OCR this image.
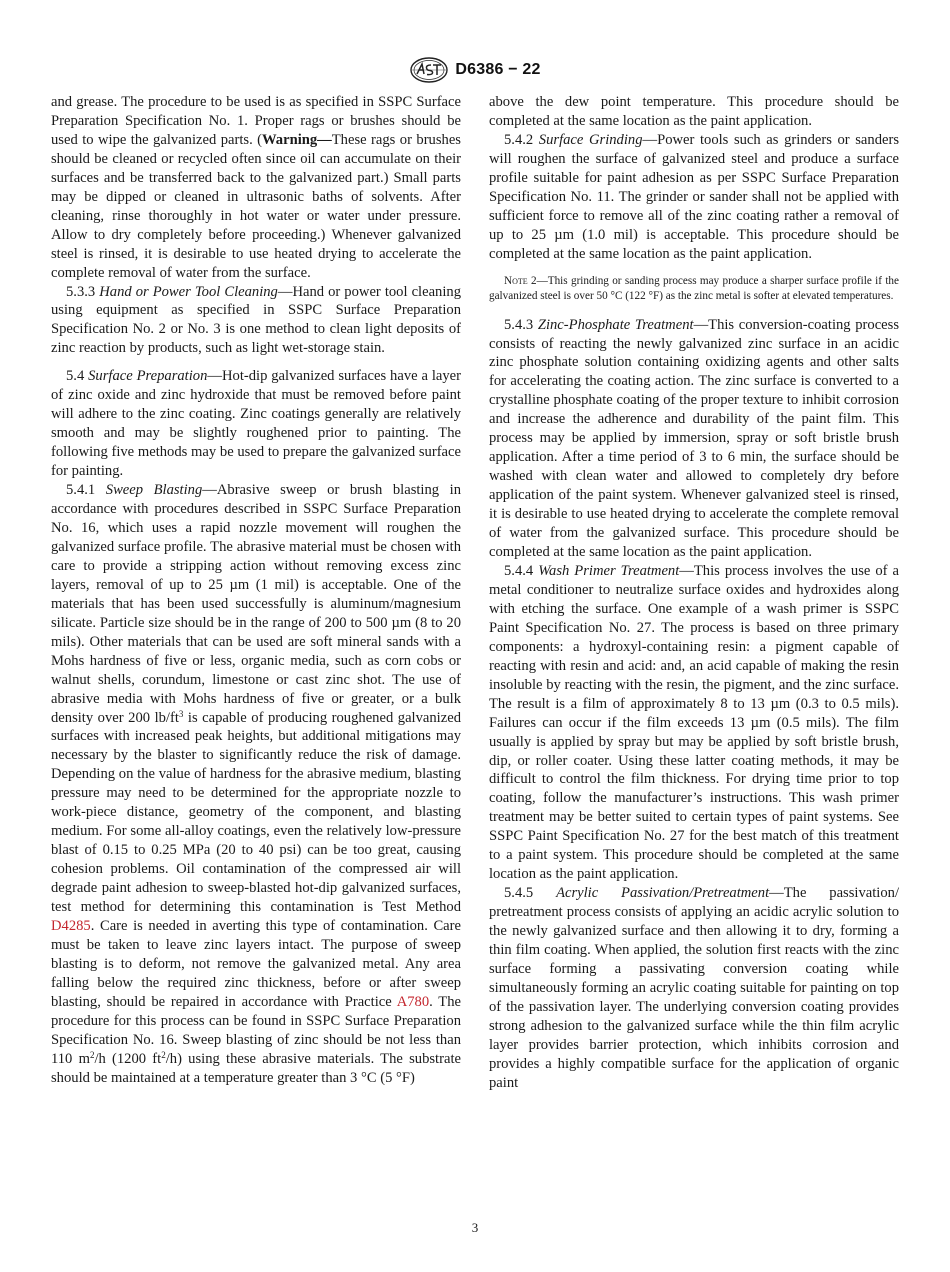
D6386 − 22

and grease. The procedure to be used is as specified in SSPC Surface Preparation Specification No. 1. Proper rags or brushes should be used to wipe the galvanized parts. (Warning—These rags or brushes should be cleaned or recycled often since oil can accumulate on their surfaces and be transferred back to the galvanized part.) Small parts may be dipped or cleaned in ultrasonic baths of solvents. After cleaning, rinse thoroughly in hot water or water under pressure. Allow to dry completely before proceeding.) Whenever galvanized steel is rinsed, it is desirable to use heated drying to accelerate the complete removal of water from the surface.

5.3.3 Hand or Power Tool Cleaning—Hand or power tool cleaning using equipment as specified in SSPC Surface Preparation Specification No. 2 or No. 3 is one method to clean light deposits of zinc reaction by products, such as light wet-storage stain.

5.4 Surface Preparation—Hot-dip galvanized surfaces have a layer of zinc oxide and zinc hydroxide that must be removed before paint will adhere to the zinc coating. Zinc coatings generally are relatively smooth and may be slightly roughened prior to painting. The following five methods may be used to prepare the galvanized surface for painting.

5.4.1 Sweep Blasting—Abrasive sweep or brush blasting in accordance with procedures described in SSPC Surface Preparation No. 16, which uses a rapid nozzle movement will roughen the galvanized surface profile. The abrasive material must be chosen with care to provide a stripping action without removing excess zinc layers, removal of up to 25 µm (1 mil) is acceptable. One of the materials that has been used successfully is aluminum/magnesium silicate. Particle size should be in the range of 200 to 500 µm (8 to 20 mils). Other materials that can be used are soft mineral sands with a Mohs hardness of five or less, organic media, such as corn cobs or walnut shells, corundum, limestone or cast zinc shot. The use of abrasive media with Mohs hardness of five or greater, or a bulk density over 200 $lb/ft^3$ is capable of producing roughened galvanized surfaces with increased peak heights, but additional mitigations may necessary by the blaster to significantly reduce the risk of damage. Depending on the value of hardness for the abrasive medium, blasting pressure may need to be determined for the appropriate nozzle to work-piece distance, geometry of the component, and blasting medium. For some all-alloy coatings, even the relatively low-pressure blast of 0.15 to 0.25 MPa (20 to 40 psi) can be too great, causing cohesion problems. Oil contamination of the compressed air will degrade paint adhesion to sweep-blasted hot-dip galvanized surfaces, test method for determining this contamination is Test Method D4285. Care is needed in averting this type of contamination. Care must be taken to leave zinc layers intact. The purpose of sweep blasting is to deform, not remove the galvanized metal. Any area falling below the required zinc thickness, before or after sweep blasting, should be repaired in accordance with Practice A780. The procedure for this process can be found in SSPC Surface Preparation Specification No. 16. Sweep blasting of zinc should be not less than 110 $m^2/h$ (1200 $ft^2/h$) using these abrasive materials. The substrate should be maintained at a temperature greater than 3 °C (5 °F)

above the dew point temperature. This procedure should be completed at the same location as the paint application.

5.4.2 Surface Grinding—Power tools such as grinders or sanders will roughen the surface of galvanized steel and produce a surface profile suitable for paint adhesion as per SSPC Surface Preparation Specification No. 11. The grinder or sander shall not be applied with sufficient force to remove all of the zinc coating rather a removal of up to 25 µm (1.0 mil) is acceptable. This procedure should be completed at the same location as the paint application.

Note 2—This grinding or sanding process may produce a sharper surface profile if the galvanized steel is over 50 °C (122 °F) as the zinc metal is softer at elevated temperatures.

5.4.3 Zinc-Phosphate Treatment—This conversion-coating process consists of reacting the newly galvanized zinc surface in an acidic zinc phosphate solution containing oxidizing agents and other salts for accelerating the coating action. The zinc surface is converted to a crystalline phosphate coating of the proper texture to inhibit corrosion and increase the adherence and durability of the paint film. This process may be applied by immersion, spray or soft bristle brush application. After a time period of 3 to 6 min, the surface should be washed with clean water and allowed to completely dry before application of the paint system. Whenever galvanized steel is rinsed, it is desirable to use heated drying to accelerate the complete removal of water from the galvanized surface. This procedure should be completed at the same location as the paint application.

5.4.4 Wash Primer Treatment—This process involves the use of a metal conditioner to neutralize surface oxides and hydroxides along with etching the surface. One example of a wash primer is SSPC Paint Specification No. 27. The process is based on three primary components: a hydroxyl-containing resin: a pigment capable of reacting with resin and acid: and, an acid capable of making the resin insoluble by reacting with the resin, the pigment, and the zinc surface. The result is a film of approximately 8 to 13 µm (0.3 to 0.5 mils). Failures can occur if the film exceeds 13 µm (0.5 mils). The film usually is applied by spray but may be applied by soft bristle brush, dip, or roller coater. Using these latter coating methods, it may be difficult to control the film thickness. For drying time prior to top coating, follow the manufacturer’s instructions. This wash primer treatment may be better suited to certain types of paint systems. See SSPC Paint Specification No. 27 for the best match of this treatment to a paint system. This procedure should be completed at the same location as the paint application.

5.4.5 Acrylic Passivation/Pretreatment—The passivation/ pretreatment process consists of applying an acidic acrylic solution to the newly galvanized surface and then allowing it to dry, forming a thin film coating. When applied, the solution first reacts with the zinc surface forming a passivating conversion coating while simultaneously forming an acrylic coating suitable for painting on top of the passivation layer. The underlying conversion coating provides strong adhesion to the galvanized surface while the thin film acrylic layer provides barrier protection, which inhibits corrosion and provides a highly compatible surface for the application of organic paint

3
